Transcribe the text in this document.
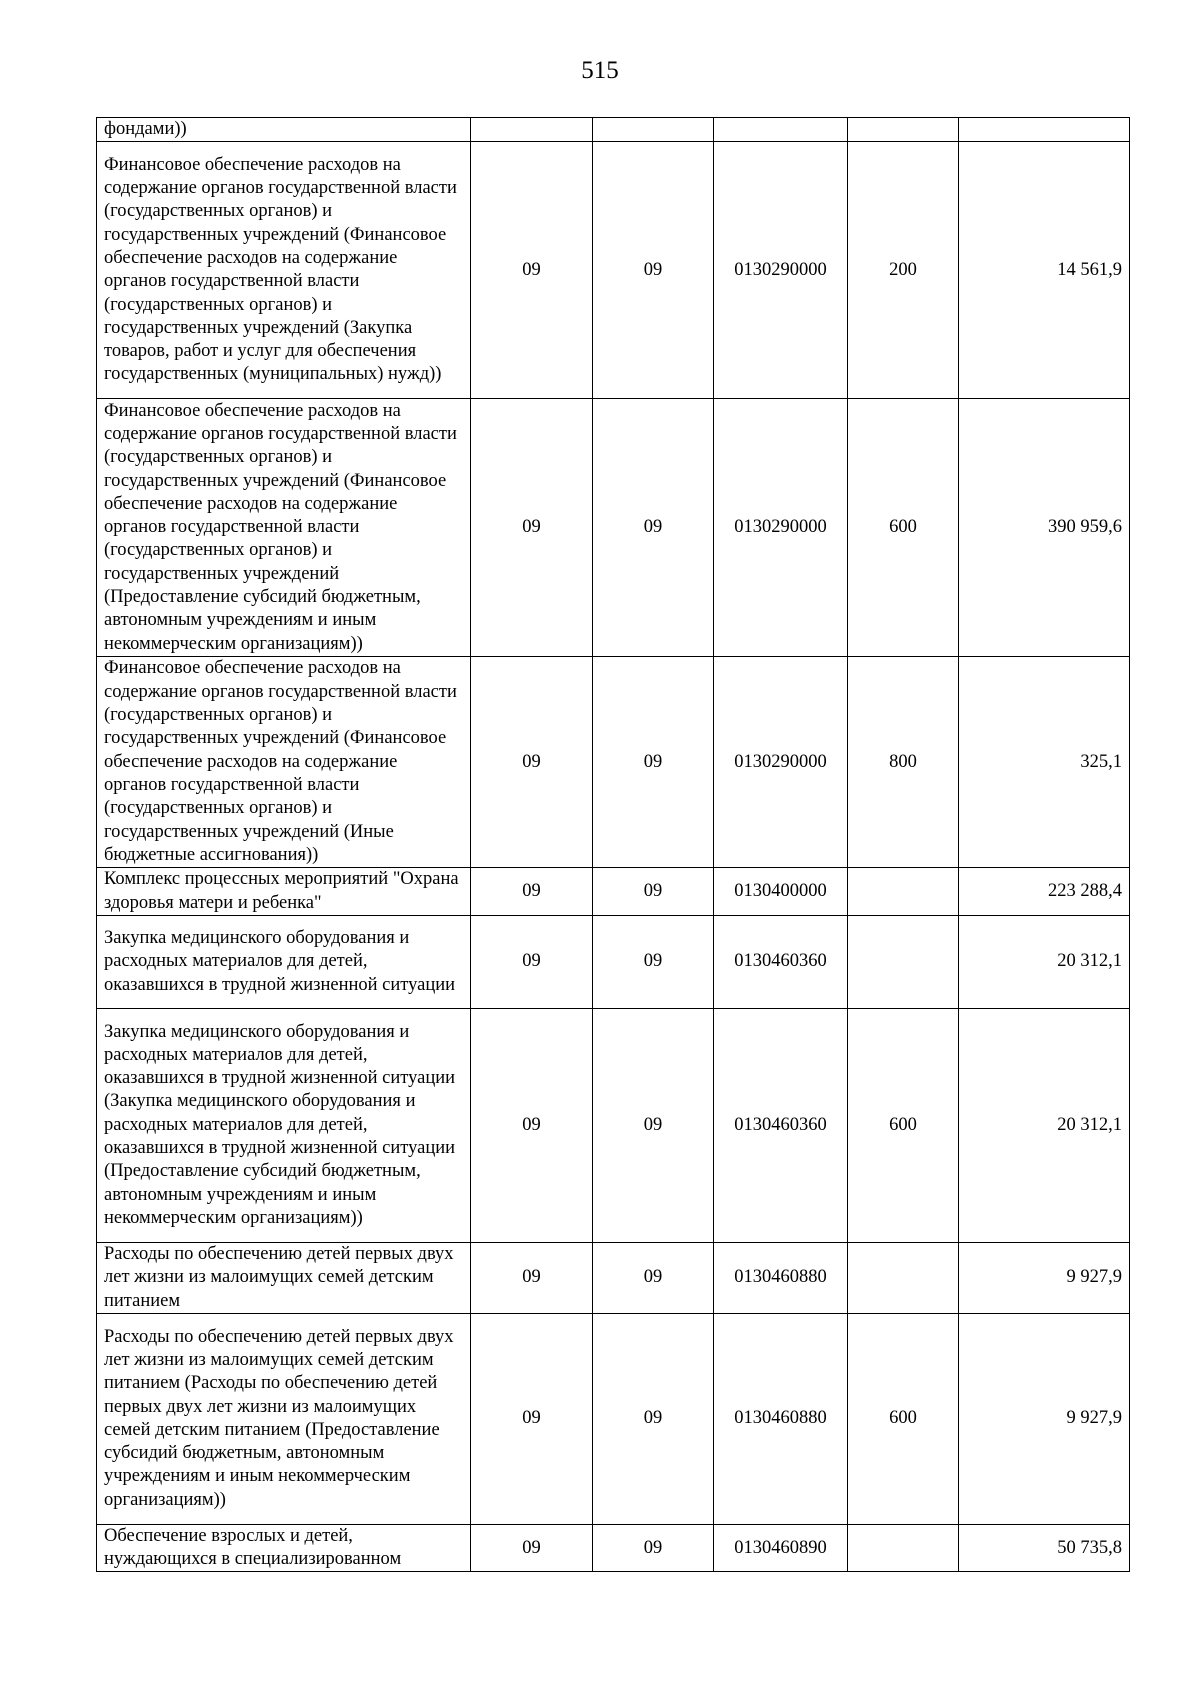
515
фондами))					
Финансовое обеспечение расходов на содержание органов государственной власти (государственных органов) и государственных учреждений (Финансовое обеспечение расходов на содержание органов государственной власти (государственных органов) и государственных учреждений (Закупка товаров, работ и услуг для обеспечения государственных (муниципальных) нужд))	09	09	0130290000	200	14 561,9
Финансовое обеспечение расходов на содержание органов государственной власти (государственных органов) и государственных учреждений (Финансовое обеспечение расходов на содержание органов государственной власти (государственных органов) и государственных учреждений (Предоставление субсидий бюджетным, автономным учреждениям и иным некоммерческим организациям))	09	09	0130290000	600	390 959,6
Финансовое обеспечение расходов на содержание органов государственной власти (государственных органов) и государственных учреждений (Финансовое обеспечение расходов на содержание органов государственной власти (государственных органов) и государственных учреждений (Иные бюджетные ассигнования))	09	09	0130290000	800	325,1
Комплекс процессных мероприятий "Охрана здоровья матери и ребенка"	09	09	0130400000		223 288,4
Закупка медицинского оборудования и расходных материалов для детей, оказавшихся в трудной жизненной ситуации	09	09	0130460360		20 312,1
Закупка медицинского оборудования и расходных материалов для детей, оказавшихся в трудной жизненной ситуации (Закупка медицинского оборудования и расходных материалов для детей, оказавшихся в трудной жизненной ситуации (Предоставление субсидий бюджетным, автономным учреждениям и иным некоммерческим организациям))	09	09	0130460360	600	20 312,1
Расходы по обеспечению детей первых двух лет жизни из малоимущих семей детским питанием	09	09	0130460880		9 927,9
Расходы по обеспечению детей первых двух лет жизни из малоимущих семей детским питанием (Расходы по обеспечению детей первых двух лет жизни из малоимущих семей детским питанием (Предоставление субсидий бюджетным, автономным учреждениям и иным некоммерческим организациям))	09	09	0130460880	600	9 927,9
Обеспечение взрослых и детей, нуждающихся в специализированном	09	09	0130460890		50 735,8
